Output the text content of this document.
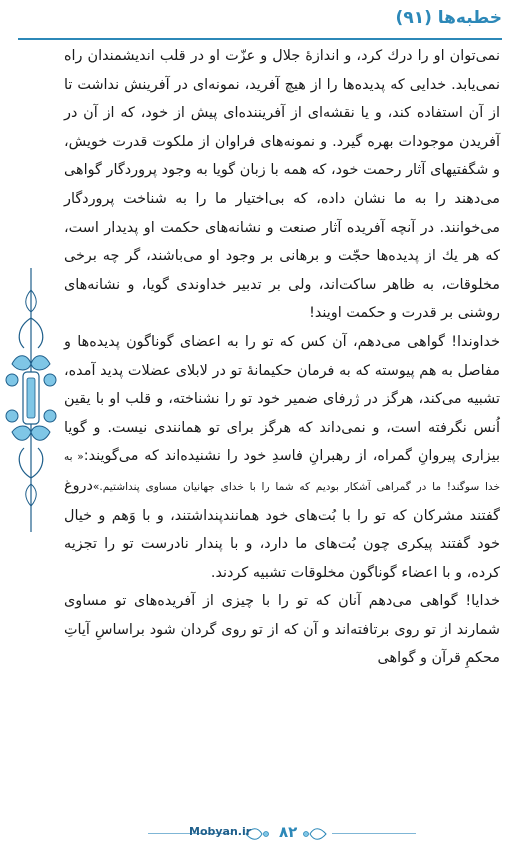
خطبه‌ها (۹۱)

نمی‌توان او را درك کرد، و اندازهٔ جلال و عزّت او در قلب اندیشمندان راه نمی‌یابد. خدایی كه پدیده‌ها را از هیچ آفرید، نمونه‌ای در آفرینش نداشت تا از آن استفاده كند، و یا نقشه‌ای از آفریننده‌ای پیش از خود، كه از آن در آفریدن موجودات بهره گیرد. و نمونه‌های فراوان از ملكوت قدرت خویش، و شگفتیهای آثار رحمت خود، كه همه با زبان گویا به وجود پروردگار گواهی می‌دهند را به ما نشان داده، كه بی‌اختیار ما را به شناخت پروردگار می‌خوانند. در آنچه آفریده آثار صنعت و نشانه‌های حكمت او پدیدار است، كه هر یك از پدیده‌ها حجّت و برهانی بر وجود او می‌باشند، گر چه برخی مخلوقات، به ظاهر ساكت‌اند، ولی بر تدبیر خداوندی گویا، و نشانه‌های روشنی بر قدرت و حكمت اویند!

خداوندا! گواهی می‌دهم، آن كس كه تو را به اعضای گوناگون پدیده‌ها و مفاصل به هم پیوسته كه به فرمان حكیمانهٔ تو در لابلای عضلات پدید آمده، تشبیه می‌كند، هرگز در ژرفای ضمیر خود تو را نشناخته، و قلب او با یقین اُنس نگرفته است، و نمی‌داند كه هرگز برای تو همانندی نیست. و گویا بیزاری پیروانِ گمراه، از رهبرانِ فاسدِ خود را نشنیده‌اند كه می‌گویند:« به خدا سوگند! ما در گمراهی آشكار بودیم كه شما را با خدای جهانیان مساوی پنداشتیم.»دروغ گفتند مشركان كه تو را با بُت‌های خود همانندپنداشتند، و با وَهم و خیال خود گفتند پیكری چون بُت‌های ما دارد، و با پندار نادرست تو را تجزیه كرده، و با اعضاء گوناگون مخلوقات تشبیه كردند.

خدایا! گواهی می‌دهم آنان كه تو را با چیزی از آفریده‌های تو مساوی شمارند از تو روی برتافته‌اند و آن كه از تو روی گردان شود براساسِ آیاتِ محكمِ قرآن و گواهی

Mobyan.ir ۸۲
